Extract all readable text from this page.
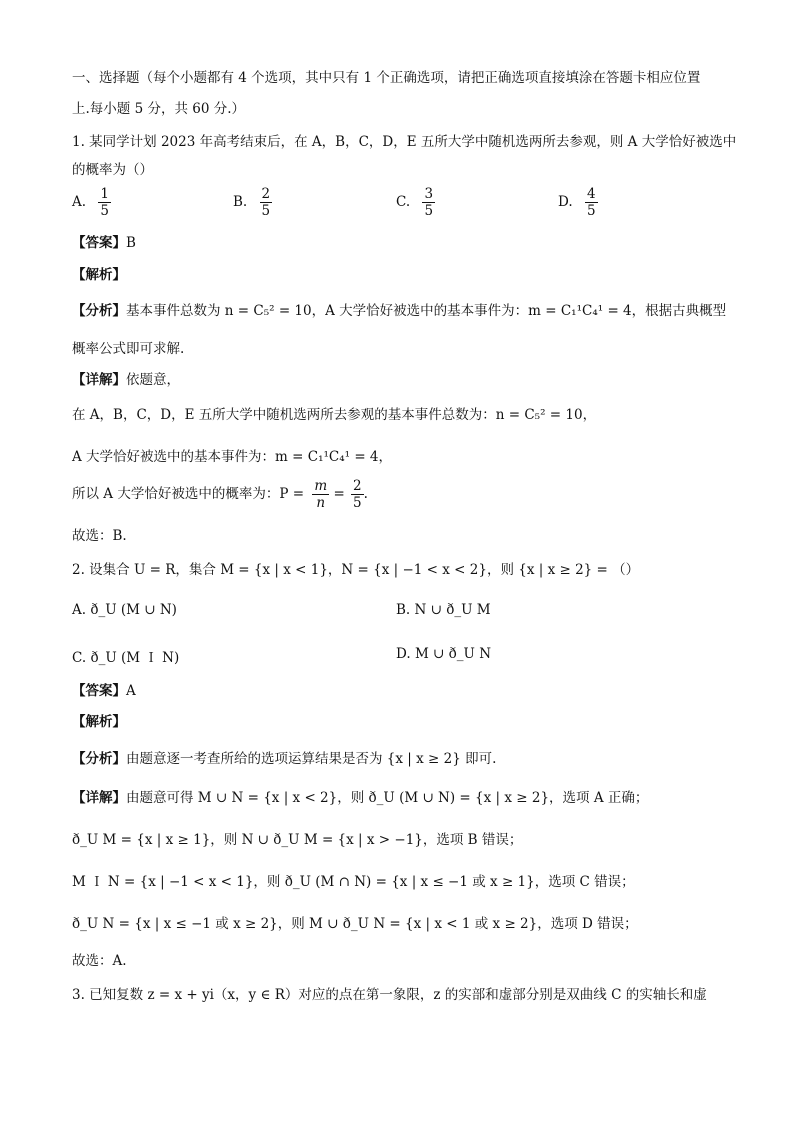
一、选择题（每个小题都有 4 个选项，其中只有 1 个正确选项，请把正确选项直接填涂在答题卡相应位置
上.每小题 5 分，共 60 分.）
1. 某同学计划 2023 年高考结束后，在 A，B，C，D，E 五所大学中随机选两所去参观，则 A 大学恰好被选中
的概率为（）
A. $\frac{1}{5}$	B. $\frac{2}{5}$	C. $\frac{3}{5}$	D. $\frac{4}{5}$
【答案】B
【解析】
【分析】基本事件总数为 n = C₅² = 10，A 大学恰好被选中的基本事件为：m = C₁¹C₄¹ = 4，根据古典概型
概率公式即可求解.
【详解】依题意，
在 A，B，C，D，E 五所大学中随机选两所去参观的基本事件总数为：n = C₅² = 10，
A 大学恰好被选中的基本事件为：m = C₁¹C₄¹ = 4，
所以 A 大学恰好被选中的概率为：$P = \frac{m}{n} = \frac{2}{5}$ .
故选：B.
2. 设集合 U = R，集合 M = {x | x < 1}，N = {x | −1 < x < 2}，则 {x | x ≥ 2} = （）
A. ð_U (M ∪ N)	B. N ∪ ð_U M
C. ð_U (M Ｉ N)	D. M ∪ ð_U N
【答案】A
【解析】
【分析】由题意逐一考查所给的选项运算结果是否为 {x | x ≥ 2} 即可.
【详解】由题意可得 M ∪ N = {x | x < 2}，则 ð_U (M ∪ N) = {x | x ≥ 2}，选项 A 正确；
ð_U M = {x | x ≥ 1}，则 N ∪ ð_U M = {x | x > −1}，选项 B 错误；
M Ｉ N = {x | −1 < x < 1}，则 ð_U (M ∩ N) = {x | x ≤ −1 或 x ≥ 1}，选项 C 错误；
ð_U N = {x | x ≤ −1 或 x ≥ 2}，则 M ∪ ð_U N = {x | x < 1 或 x ≥ 2}，选项 D 错误；
故选：A.
3. 已知复数 z = x + yi（x，y ∈ R）对应的点在第一象限，z 的实部和虚部分别是双曲线 C 的实轴长和虚
